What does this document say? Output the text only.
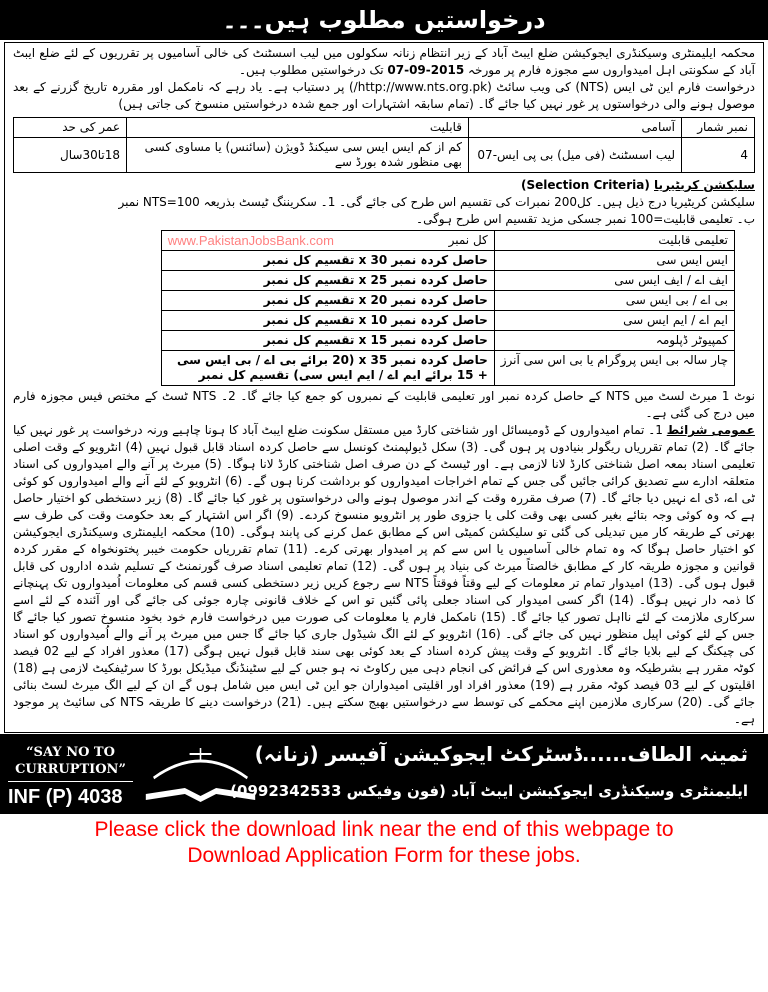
درخواستیں مطلوب ہیں۔۔۔

محکمہ ایلیمنٹری وسیکنڈری ایجوکیشن ضلع ایبٹ آباد کے زیر انتظام زنانہ سکولوں میں لیب اسسٹنٹ کی خالی آسامیوں پر تقرریوں کے لئے ضلع ایبٹ آباد کے سکونتی اہل امیدواروں سے مجوزہ فارم پر مورخہ 07-09-2015 تک درخواستیں مطلوب ہیں۔

درخواست فارم این ٹی ایس (NTS) کی ویب سائٹ (http://www.nts.org.pk/) پر دستیاب ہے۔ یاد رہے کہ نامکمل اور مقررہ تاریخ گزرنے کے بعد موصول ہونے والی درخواستوں پر غور نہیں کیا جائے گا۔ (تمام سابقہ اشتہارات اور جمع شدہ درخواستیں منسوخ کی جاتی ہیں)

نمبر شمار	آسامی	قابلیت	عمر کی حد
4	لیب اسسٹنٹ (فی میل) بی پی ایس-07	کم از کم ایس ایس سی سیکنڈ ڈویژن (سائنس) یا مساوی کسی بھی منظور شدہ بورڈ سے	18تا30سال
سلیکشن کریٹیریا (Selection Criteria)

سلیکشن کریٹیریا درج ذیل ہیں۔ کل200 نمبرات کی تقسیم اس طرح کی جائے گی۔ 1۔ سکریننگ ٹیسٹ بذریعہ NTS=100 نمبر

ب۔ تعلیمی قابلیت=100 نمبر جسکی مزید تقسیم اس طرح ہوگی۔

تعلیمی قابلیت	کل نمبر
www.PakistanJobsBank.com

ایس ایس سی	حاصل کردہ نمبر x 30 تقسیم کل نمبر
ایف اے / ایف ایس سی	حاصل کردہ نمبر x 25 تقسیم کل نمبر
بی اے / بی ایس سی	حاصل کردہ نمبر x 20 تقسیم کل نمبر
ایم اے / ایم ایس سی	حاصل کردہ نمبر x 10 تقسیم کل نمبر
کمپیوٹر ڈپلومہ	حاصل کردہ نمبر x 15 تقسیم کل نمبر
چار سالہ بی ایس پروگرام یا بی اس سی آنرز	حاصل کردہ نمبر x 35 (20 برائے بی اے / بی ایس سی + 15 برائے ایم اے / ایم ایس سی) تقسیم کل نمبر

نوٹ 1 میرٹ لسٹ میں NTS کے حاصل کردہ نمبر اور تعلیمی قابلیت کے نمبروں کو جمع کیا جائے گا۔ 2۔ NTS ٹسٹ کے مختص فیس مجوزہ فارم میں درج کی گئی ہے۔

عمومی شرائط 1۔ تمام امیدواروں کے ڈومیسائل اور شناختی کارڈ میں مستقل سکونت ضلع ایبٹ آباد کا ہونا چاہیے ورنہ درخواست پر غور نہیں کیا جائے گا۔ (2) تمام تقرریاں ریگولر بنیادوں پر ہوں گی۔ (3) سکل ڈیولپمنٹ کونسل سے حاصل کردہ اسناد قابل قبول نہیں (4) انٹرویو کے وقت اصلی تعلیمی اسناد بمعہ اصل شناختی کارڈ لانا لازمی ہے۔ اور ٹیسٹ کے دن صرف اصل شناختی کارڈ لانا ہوگا۔ (5) میرٹ پر آنے والے امیدواروں کی اسناد متعلقہ ادارے سے تصدیق کرائی جائیں گی جس کے تمام اخراجات امیدواروں کو برداشت کرنا ہوں گے۔ (6) انٹرویو کے لئے آنے والے امیدواروں کو کوئی ٹی اے، ڈی اے نہیں دیا جائے گا۔ (7) صرف مقررہ وقت کے اندر موصول ہونے والی درخواستوں پر غور کیا جائے گا۔ (8) زیر دستخطی کو اختیار حاصل ہے کہ وہ کوئی وجہ بتائے بغیر کسی بھی وقت کلی یا جزوی طور پر انٹرویو منسوخ کردے۔ (9) اگر اس اشتہار کے بعد حکومت وقت کی طرف سے بھرتی کے طریقہ کار میں تبدیلی کی گئی تو سلیکشن کمیٹی اس کے مطابق عمل کرنے کی پابند ہوگی۔ (10) محکمہ ایلیمنٹری وسیکنڈری ایجوکیشن کو اختیار حاصل ہوگا کہ وہ تمام خالی آسامیوں یا اس سے کم پر امیدوار بھرتی کرے۔ (11) تمام تقرریاں حکومت خیبر پختونخواہ کے مقرر کردہ قوانین و مجوزہ طریقہ کار کے مطابق خالصتاً میرٹ کی بنیاد پر ہوں گی۔ (12) تمام تعلیمی اسناد صرف گورنمنٹ کے تسلیم شدہ اداروں کی قابل قبول ہوں گی۔ (13) امیدوار تمام تر معلومات کے لیے وقتاً فوقتاً NTS سے رجوع کریں زیر دستخطی کسی قسم کی معلومات اُمیدواروں تک پہنچانے کا ذمہ دار نہیں ہوگا۔ (14) اگر کسی امیدوار کی اسناد جعلی پائی گئیں تو اس کے خلاف قانونی چارہ جوئی کی جائے گی اور آئندہ کے لئے اسے سرکاری ملازمت کے لئے نااہل تصور کیا جائے گا۔ (15) نامکمل فارم یا معلومات کی صورت میں درخواست فارم خود بخود منسوخ تصور کیا جائے گا جس کے لئے کوئی اپیل منظور نہیں کی جائے گی۔ (16) انٹرویو کے لئے الگ شیڈول جاری کیا جائے گا جس میں میرٹ پر آنے والے اُمیدواروں کو اسناد کی چیکنگ کے لیے بلایا جائے گا۔ انٹرویو کے وقت پیش کردہ اسناد کے بعد کوئی بھی سند قابل قبول نہیں ہوگی (17) معذور افراد کے لیے 02 فیصد کوٹہ مقرر ہے بشرطیکہ وہ معذوری اس کے فرائض کی انجام دہی میں رکاوٹ نہ ہو جس کے لیے سٹینڈنگ میڈیکل بورڈ کا سرٹیفکیٹ لازمی ہے (18) اقلیتوں کے لیے 03 فیصد کوٹہ مقرر ہے (19) معذور افراد اور اقلیتی امیدواران جو این ٹی ایس میں شامل ہوں گے ان کے لیے الگ میرٹ لسٹ بنائی جائے گی۔ (20) سرکاری ملازمین اپنے محکمے کی توسط سے درخواستیں بھیج سکتے ہیں۔ (21) درخواست دینے کا طریقہ NTS کی سائیٹ پر موجود ہے۔

“SAY NO TO CURRUPTION”
INF (P) 4038
ثمینہ الطاف......ڈسٹرکٹ ایجوکیشن آفیسر (زنانہ)
ایلیمنٹری وسیکنڈری ایجوکیشن ایبٹ آباد (فون وفیکس 0992342533)
Please click the download link near the end of this webpage to
Download Application Form for these jobs.
